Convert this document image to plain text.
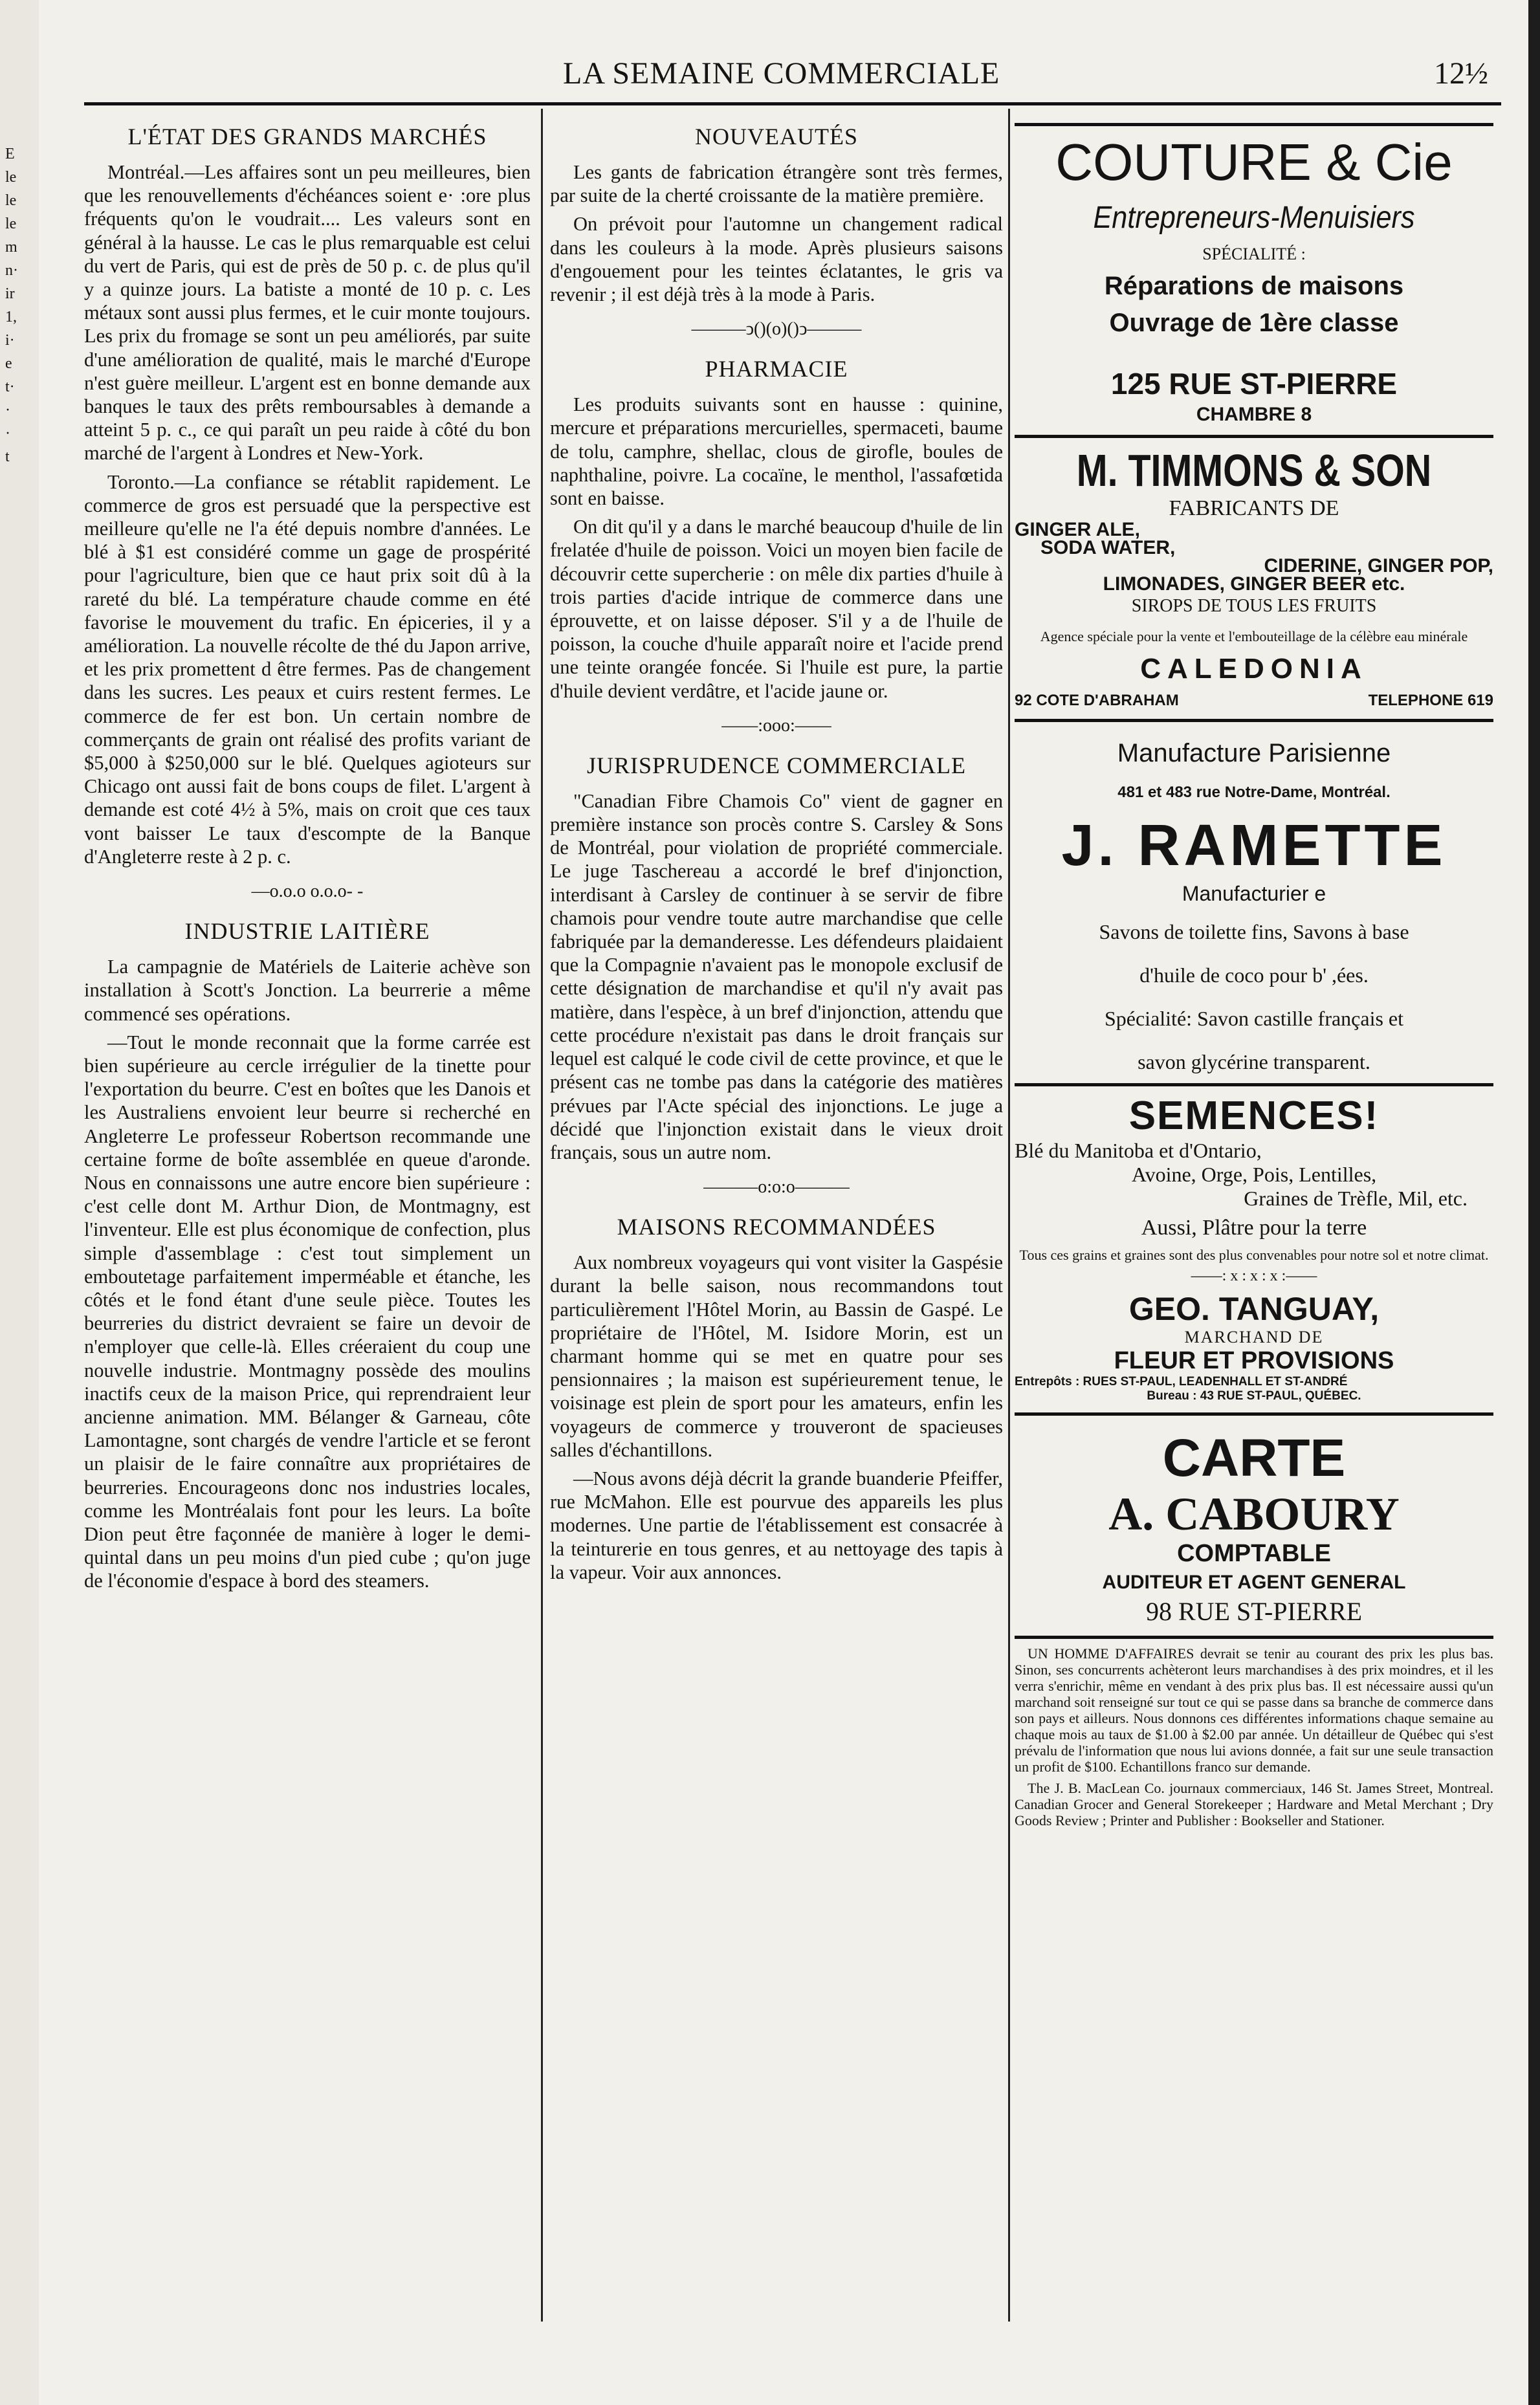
E
le
le
le
m
n·
ir
1,
i·
e
t·
·
·
t
LA SEMAINE COMMERCIALE	12½
L'ÉTAT DES GRANDS MARCHÉS

Montréal.—Les affaires sont un peu meilleures, bien que les renouvellements d'échéances soient e· :ore plus fréquents qu'on le voudrait.... Les valeurs sont en général à la hausse. Le cas le plus remarquable est celui du vert de Paris, qui est de près de 50 p. c. de plus qu'il y a quinze jours. La batiste a monté de 10 p. c. Les métaux sont aussi plus fermes, et le cuir monte toujours. Les prix du fromage se sont un peu améliorés, par suite d'une amélioration de qualité, mais le marché d'Europe n'est guère meilleur. L'argent est en bonne demande aux banques le taux des prêts remboursables à demande a atteint 5 p. c., ce qui paraît un peu raide à côté du bon marché de l'argent à Londres et New-York.

Toronto.—La confiance se rétablit rapidement. Le commerce de gros est persuadé que la perspective est meilleure qu'elle ne l'a été depuis nombre d'années. Le blé à $1 est considéré comme un gage de prospérité pour l'agriculture, bien que ce haut prix soit dû à la rareté du blé. La température chaude comme en été favorise le mouvement du trafic. En épiceries, il y a amélioration. La nouvelle récolte de thé du Japon arrive, et les prix promettent d être fermes. Pas de changement dans les sucres. Les peaux et cuirs restent fermes. Le commerce de fer est bon. Un certain nombre de commerçants de grain ont réalisé des profits variant de $5,000 à $250,000 sur le blé. Quelques agioteurs sur Chicago ont aussi fait de bons coups de filet. L'argent à demande est coté 4½ à 5%, mais on croit que ces taux vont baisser Le taux d'escompte de la Banque d'Angleterre reste à 2 p. c.

—o.o.o o.o.o- -
INDUSTRIE LAITIÈRE

La campagnie de Matériels de Laiterie achève son installation à Scott's Jonction. La beurrerie a même commencé ses opérations.

—Tout le monde reconnait que la forme carrée est bien supérieure au cercle irrégulier de la tinette pour l'exportation du beurre. C'est en boîtes que les Danois et les Australiens envoient leur beurre si recherché en Angleterre Le professeur Robertson recommande une certaine forme de boîte assemblée en queue d'aronde. Nous en connaissons une autre encore bien supérieure : c'est celle dont M. Arthur Dion, de Montmagny, est l'inventeur. Elle est plus économique de confection, plus simple d'assemblage : c'est tout simplement un emboutetage parfaitement imperméable et étanche, les côtés et le fond étant d'une seule pièce. Toutes les beurreries du district devraient se faire un devoir de n'employer que celle-là. Elles créeraient du coup une nouvelle industrie. Montmagny possède des moulins inactifs ceux de la maison Price, qui reprendraient leur ancienne animation. MM. Bélanger & Garneau, côte Lamontagne, sont chargés de vendre l'article et se feront un plaisir de le faire connaître aux propriétaires de beurreries. Encourageons donc nos industries locales, comme les Montréalais font pour les leurs. La boîte Dion peut être façonnée de manière à loger le demi-quintal dans un peu moins d'un pied cube ; qu'on juge de l'économie d'espace à bord des steamers.

NOUVEAUTÉS

Les gants de fabrication étrangère sont très fermes, par suite de la cherté croissante de la matière première.

On prévoit pour l'automne un changement radical dans les couleurs à la mode. Après plusieurs saisons d'engouement pour les teintes éclatantes, le gris va revenir ; il est déjà très à la mode à Paris.

———ↄ()(o)()ↄ———
PHARMACIE

Les produits suivants sont en hausse : quinine, mercure et préparations mercurielles, spermaceti, baume de tolu, camphre, shellac, clous de girofle, boules de naphthaline, poivre. La cocaïne, le menthol, l'assafœtida sont en baisse.

On dit qu'il y a dans le marché beaucoup d'huile de lin frelatée d'huile de poisson. Voici un moyen bien facile de découvrir cette supercherie : on mêle dix parties d'huile à trois parties d'acide intrique de commerce dans une éprouvette, et on laisse déposer. S'il y a de l'huile de poisson, la couche d'huile apparaît noire et l'acide prend une teinte orangée foncée. Si l'huile est pure, la partie d'huile devient verdâtre, et l'acide jaune or.

——:ooo:——
JURISPRUDENCE COMMERCIALE

"Canadian Fibre Chamois Co" vient de gagner en première instance son procès contre S. Carsley & Sons de Montréal, pour violation de propriété commerciale. Le juge Taschereau a accordé le bref d'injonction, interdisant à Carsley de continuer à se servir de fibre chamois pour vendre toute autre marchandise que celle fabriquée par la demanderesse. Les défendeurs plaidaient que la Compagnie n'avaient pas le monopole exclusif de cette désignation de marchandise et qu'il n'y avait pas matière, dans l'espèce, à un bref d'injonction, attendu que cette procédure n'existait pas dans le droit français sur lequel est calqué le code civil de cette province, et que le présent cas ne tombe pas dans la catégorie des matières prévues par l'Acte spécial des injonctions. Le juge a décidé que l'injonction existait dans le vieux droit français, sous un autre nom.

———o:o:o———
MAISONS RECOMMANDÉES

Aux nombreux voyageurs qui vont visiter la Gaspésie durant la belle saison, nous recommandons tout particulièrement l'Hôtel Morin, au Bassin de Gaspé. Le propriétaire de l'Hôtel, M. Isidore Morin, est un charmant homme qui se met en quatre pour ses pensionnaires ; la maison est supérieurement tenue, le voisinage est plein de sport pour les amateurs, enfin les voyageurs de commerce y trouveront de spacieuses salles d'échantillons.

—Nous avons déjà décrit la grande buanderie Pfeiffer, rue McMahon. Elle est pourvue des appareils les plus modernes. Une partie de l'établissement est consacrée à la teinturerie en tous genres, et au nettoyage des tapis à la vapeur. Voir aux annonces.

COUTURE & Cie
Entrepreneurs-Menuisiers
SPÉCIALITÉ :
Réparations de maisons
Ouvrage de 1ère classe
125 RUE ST-PIERRE
CHAMBRE 8
M. TIMMONS & SON
FABRICANTS DE
GINGER ALE,
SODA WATER,
CIDERINE, GINGER POP,
LIMONADES, GINGER BEER etc.
SIROPS DE TOUS LES FRUITS
Agence spéciale pour la vente et l'embouteillage de la célèbre eau minérale
CALEDONIA
92 COTE D'ABRAHAM	TELEPHONE 619
Manufacture Parisienne
481 et 483 rue Notre-Dame, Montréal.
J. RAMETTE
Manufacturier e
Savons de toilette fins, Savons à base
d'huile de coco pour b' ,ées.
Spécialité: Savon castille français et
savon glycérine transparent.
SEMENCES!
Blé du Manitoba et d'Ontario,
Avoine, Orge, Pois, Lentilles,
Graines de Trèfle, Mil, etc.
Aussi, Plâtre pour la terre
Tous ces grains et graines sont des plus convenables pour notre sol et notre climat.
——: x : x : x :——
GEO. TANGUAY,
MARCHAND DE
FLEUR ET PROVISIONS
Entrepôts : RUES ST-PAUL, LEADENHALL ET ST-ANDRÉ
Bureau : 43 RUE ST-PAUL, QUÉBEC.
CARTE
A. CABOURY
COMPTABLE
AUDITEUR ET AGENT GENERAL
98 RUE ST-PIERRE

UN HOMME D'AFFAIRES devrait se tenir au courant des prix les plus bas. Sinon, ses concurrents achèteront leurs marchandises à des prix moindres, et il les verra s'enrichir, même en vendant à des prix plus bas. Il est nécessaire aussi qu'un marchand soit renseigné sur tout ce qui se passe dans sa branche de commerce dans son pays et ailleurs. Nous donnons ces différentes informations chaque semaine au chaque mois au taux de $1.00 à $2.00 par année. Un détailleur de Québec qui s'est prévalu de l'information que nous lui avions donnée, a fait sur une seule transaction un profit de $100. Echantillons franco sur demande.

The J. B. MacLean Co. journaux commerciaux, 146 St. James Street, Montreal. Canadian Grocer and General Storekeeper ; Hardware and Metal Merchant ; Dry Goods Review ; Printer and Publisher : Bookseller and Stationer.
